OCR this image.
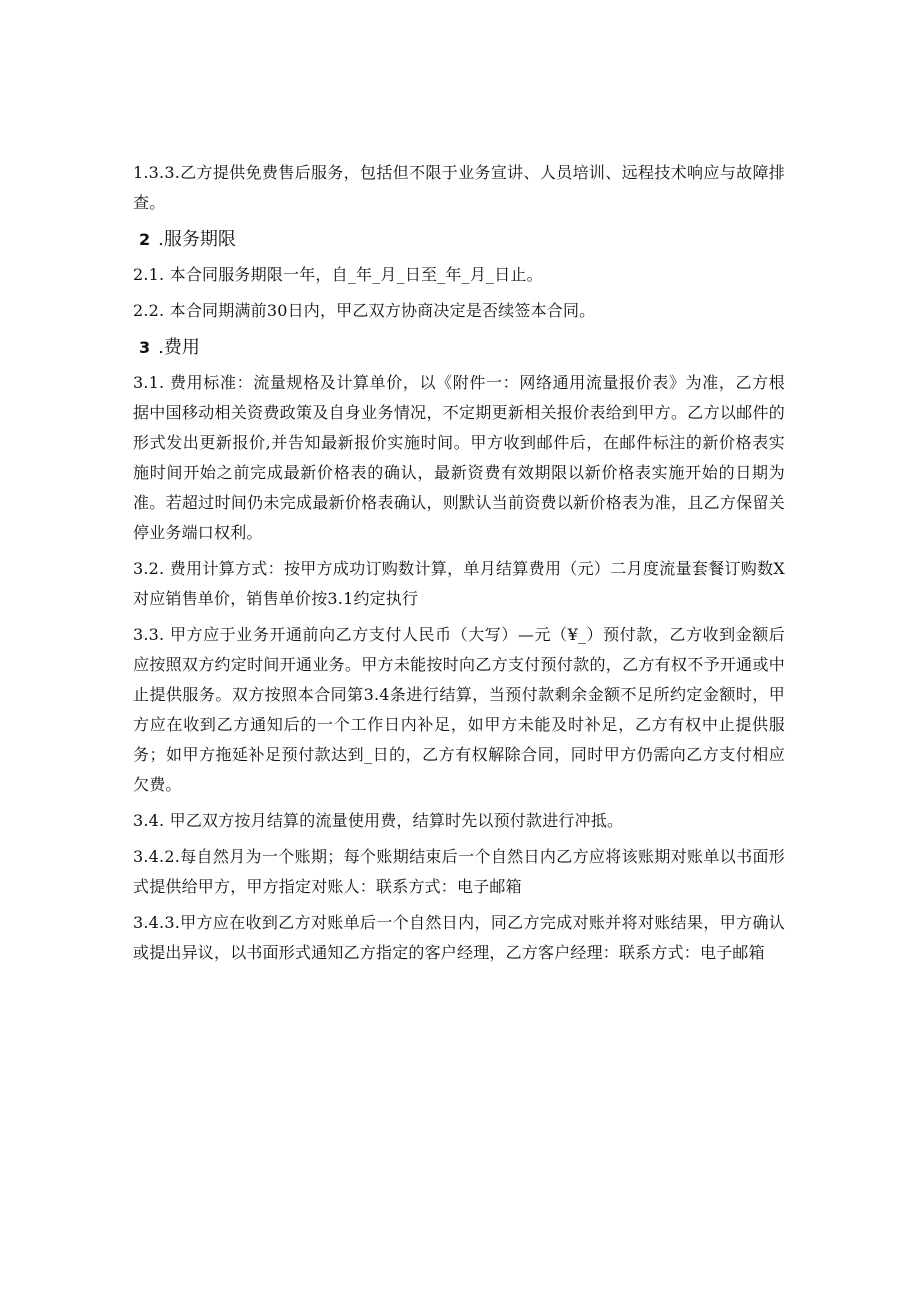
1.3.3.乙方提供免费售后服务，包括但不限于业务宣讲、人员培训、远程技术响应与故障排查。

2 .服务期限

2.1. 本合同服务期限一年，自_年_月_日至_年_月_日止。

2.2. 本合同期满前30日内，甲乙双方协商决定是否续签本合同。

3 .费用

3.1. 费用标准：流量规格及计算单价，以《附件一：网络通用流量报价表》为准，乙方根据中国移动相关资费政策及自身业务情况，不定期更新相关报价表给到甲方。乙方以邮件的形式发出更新报价,并告知最新报价实施时间。甲方收到邮件后，在邮件标注的新价格表实施时间开始之前完成最新价格表的确认，最新资费有效期限以新价格表实施开始的日期为准。若超过时间仍未完成最新价格表确认，则默认当前资费以新价格表为准，且乙方保留关停业务端口权利。

3.2. 费用计算方式：按甲方成功订购数计算，单月结算费用（元）二月度流量套餐订购数X对应销售单价，销售单价按3.1约定执行

3.3. 甲方应于业务开通前向乙方支付人民币（大写）—元（¥_）预付款，乙方收到金额后应按照双方约定时间开通业务。甲方未能按时向乙方支付预付款的，乙方有权不予开通或中止提供服务。双方按照本合同第3.4条进行结算，当预付款剩余金额不足所约定金额时，甲方应在收到乙方通知后的一个工作日内补足，如甲方未能及时补足，乙方有权中止提供服务；如甲方拖延补足预付款达到_日的，乙方有权解除合同，同时甲方仍需向乙方支付相应欠费。

3.4. 甲乙双方按月结算的流量使用费，结算时先以预付款进行冲抵。

3.4.2.每自然月为一个账期；每个账期结束后一个自然日内乙方应将该账期对账单以书面形式提供给甲方，甲方指定对账人：联系方式：电子邮箱

3.4.3.甲方应在收到乙方对账单后一个自然日内，同乙方完成对账并将对账结果，甲方确认或提出异议，以书面形式通知乙方指定的客户经理，乙方客户经理：联系方式：电子邮箱
